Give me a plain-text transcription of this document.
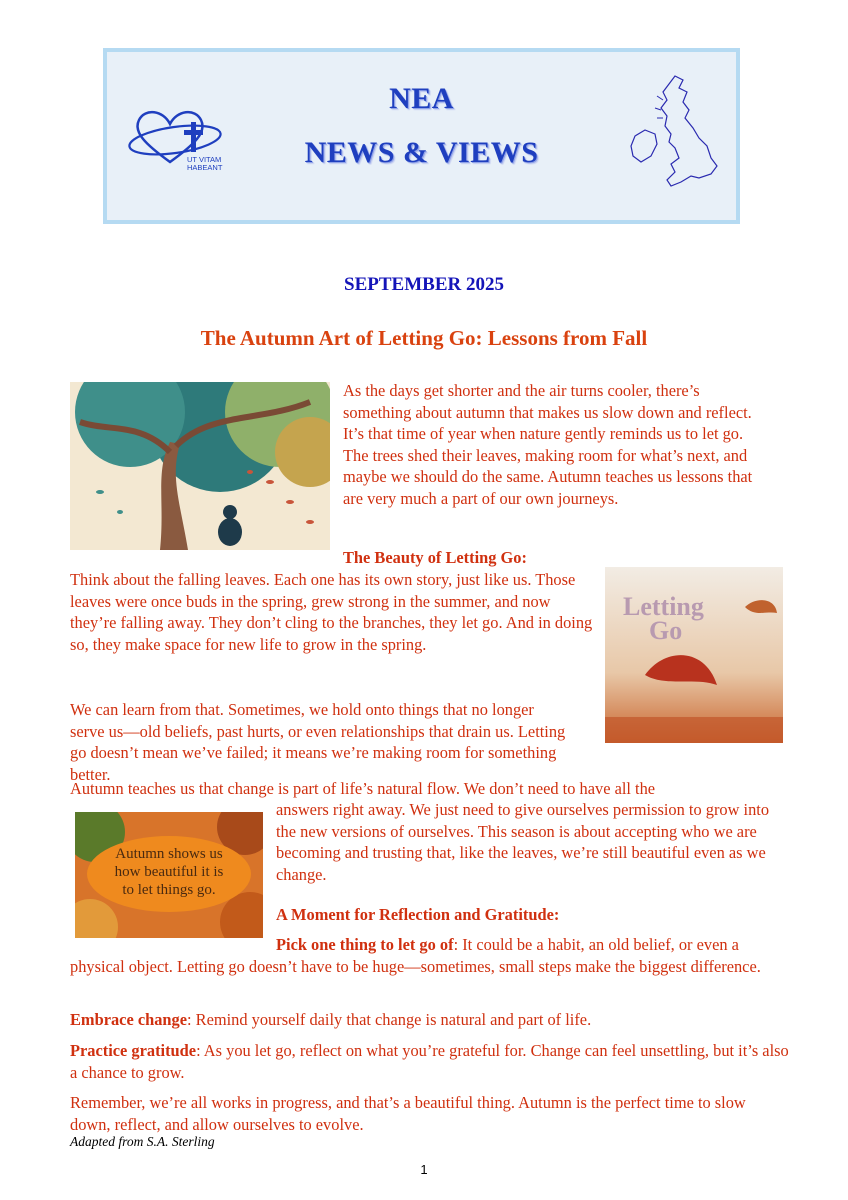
NEA
NEWS & VIEWS
UT VITAM
HABEANT
SEPTEMBER 2025
The Autumn Art of Letting Go: Lessons from Fall

As the days get shorter and the air turns cooler, there’s something about autumn that makes us slow down and reflect. It’s that time of year when nature gently reminds us to let go. The trees shed their leaves, making room for what’s next, and maybe we should do the same. Autumn teaches us lessons that are very much a part of our own journeys.

The Beauty of Letting Go:

Think about the falling leaves. Each one has its own story, just like us. Those leaves were once buds in the spring, grew strong in the summer, and now they’re falling away. They don’t cling to the branches, they let go. And in doing so, they make space for new life to grow in the spring.

Letting
Go

We can learn from that. Sometimes, we hold onto things that no longer serve us—old beliefs, past hurts, or even relationships that drain us. Letting go doesn’t mean we’ve failed; it means we’re making room for something better.

Autumn teaches us that change is part of life’s natural flow. We don’t need to have all the

Autumn shows us
how beautiful it is
to let things go.

answers right away. We just need to give ourselves permission to grow into the new versions of ourselves. This season is about accepting who we are becoming and trusting that, like the leaves, we’re still beautiful even as we change.

A Moment for Reflection and Gratitude:

Pick one thing to let go of: It could be a habit, an old belief, or even a physical object. Letting go doesn’t have to be huge—sometimes, small steps make the biggest difference.

Embrace change: Remind yourself daily that change is natural and part of life.

Practice gratitude: As you let go, reflect on what you’re grateful for. Change can feel unsettling, but it’s also a chance to grow.

Remember, we’re all works in progress, and that’s a beautiful thing. Autumn is the perfect time to slow down, reflect, and allow ourselves to evolve.

Adapted from S.A. Sterling
1
